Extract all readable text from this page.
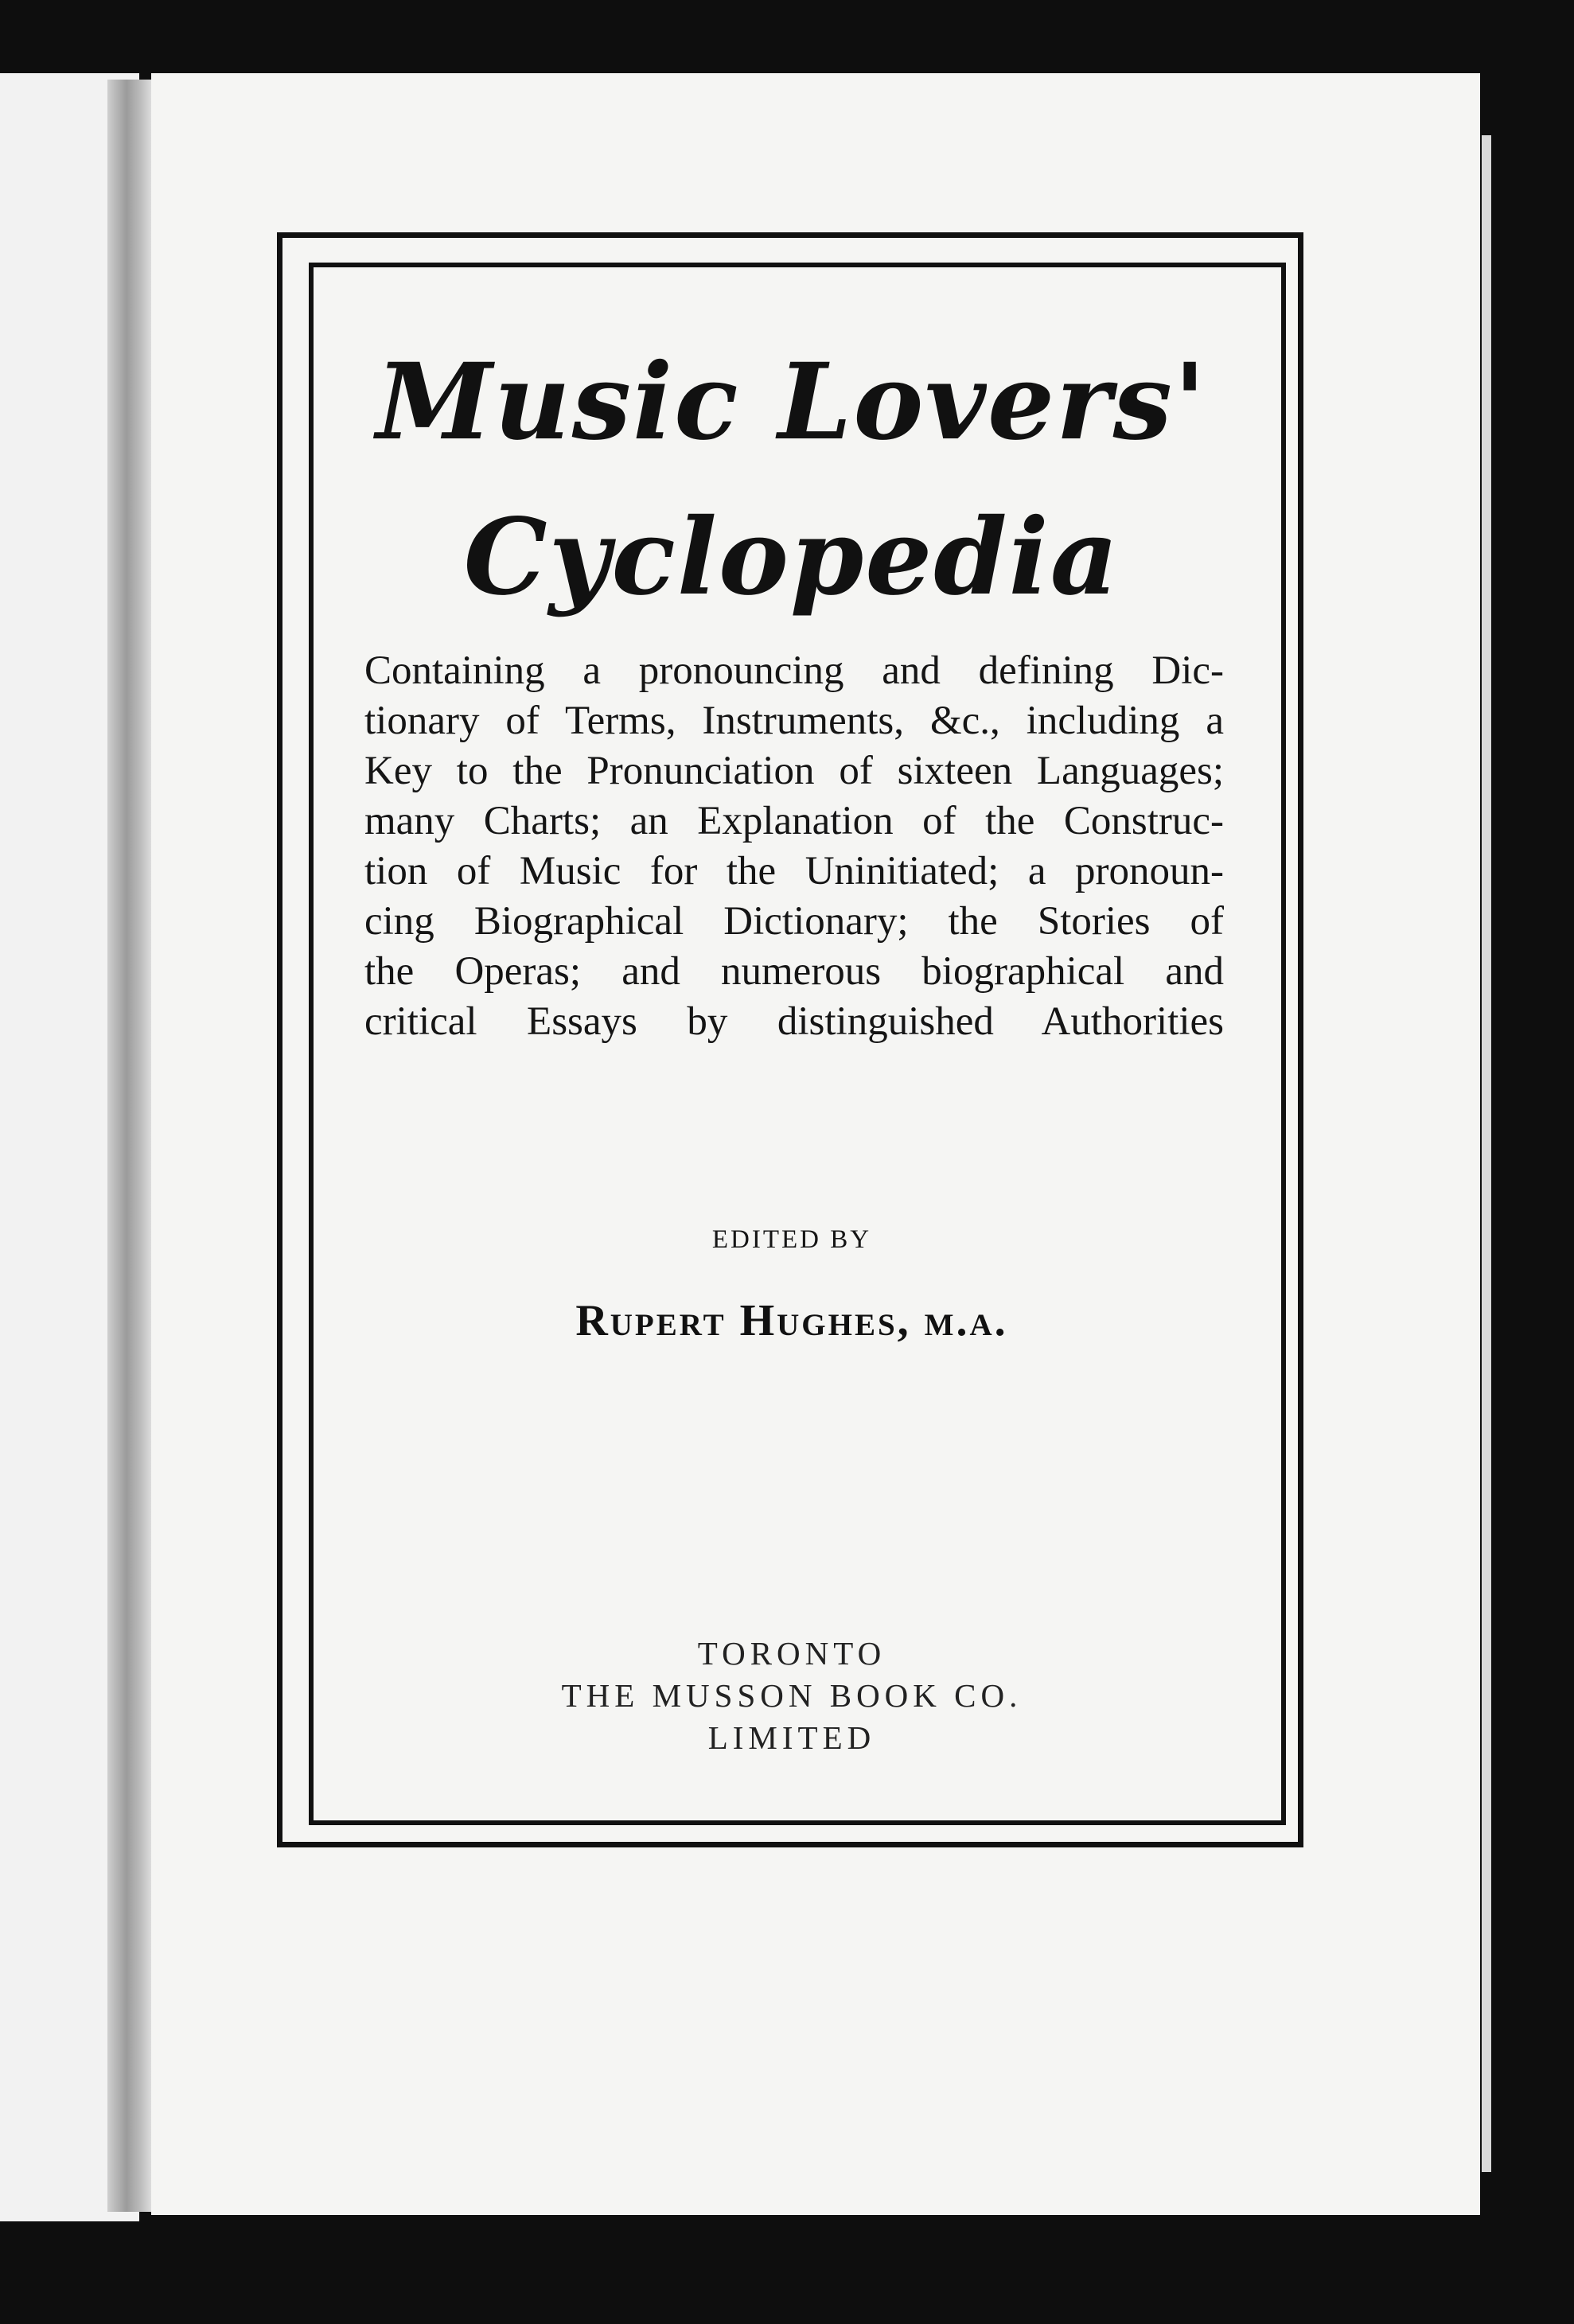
Music Lovers'
Cyclopedia
Containing a pronouncing and defining Dic-
tionary of Terms, Instruments, &c., including a
Key to the Pronunciation of sixteen Languages;
many Charts; an Explanation of the Construc-
tion of Music for the Uninitiated; a pronoun-
cing Biographical Dictionary; the Stories of
the Operas; and numerous biographical and
critical Essays by distinguished Authorities
EDITED BY
Rupert Hughes, m.a.
TORONTO
THE MUSSON BOOK CO.
LIMITED
